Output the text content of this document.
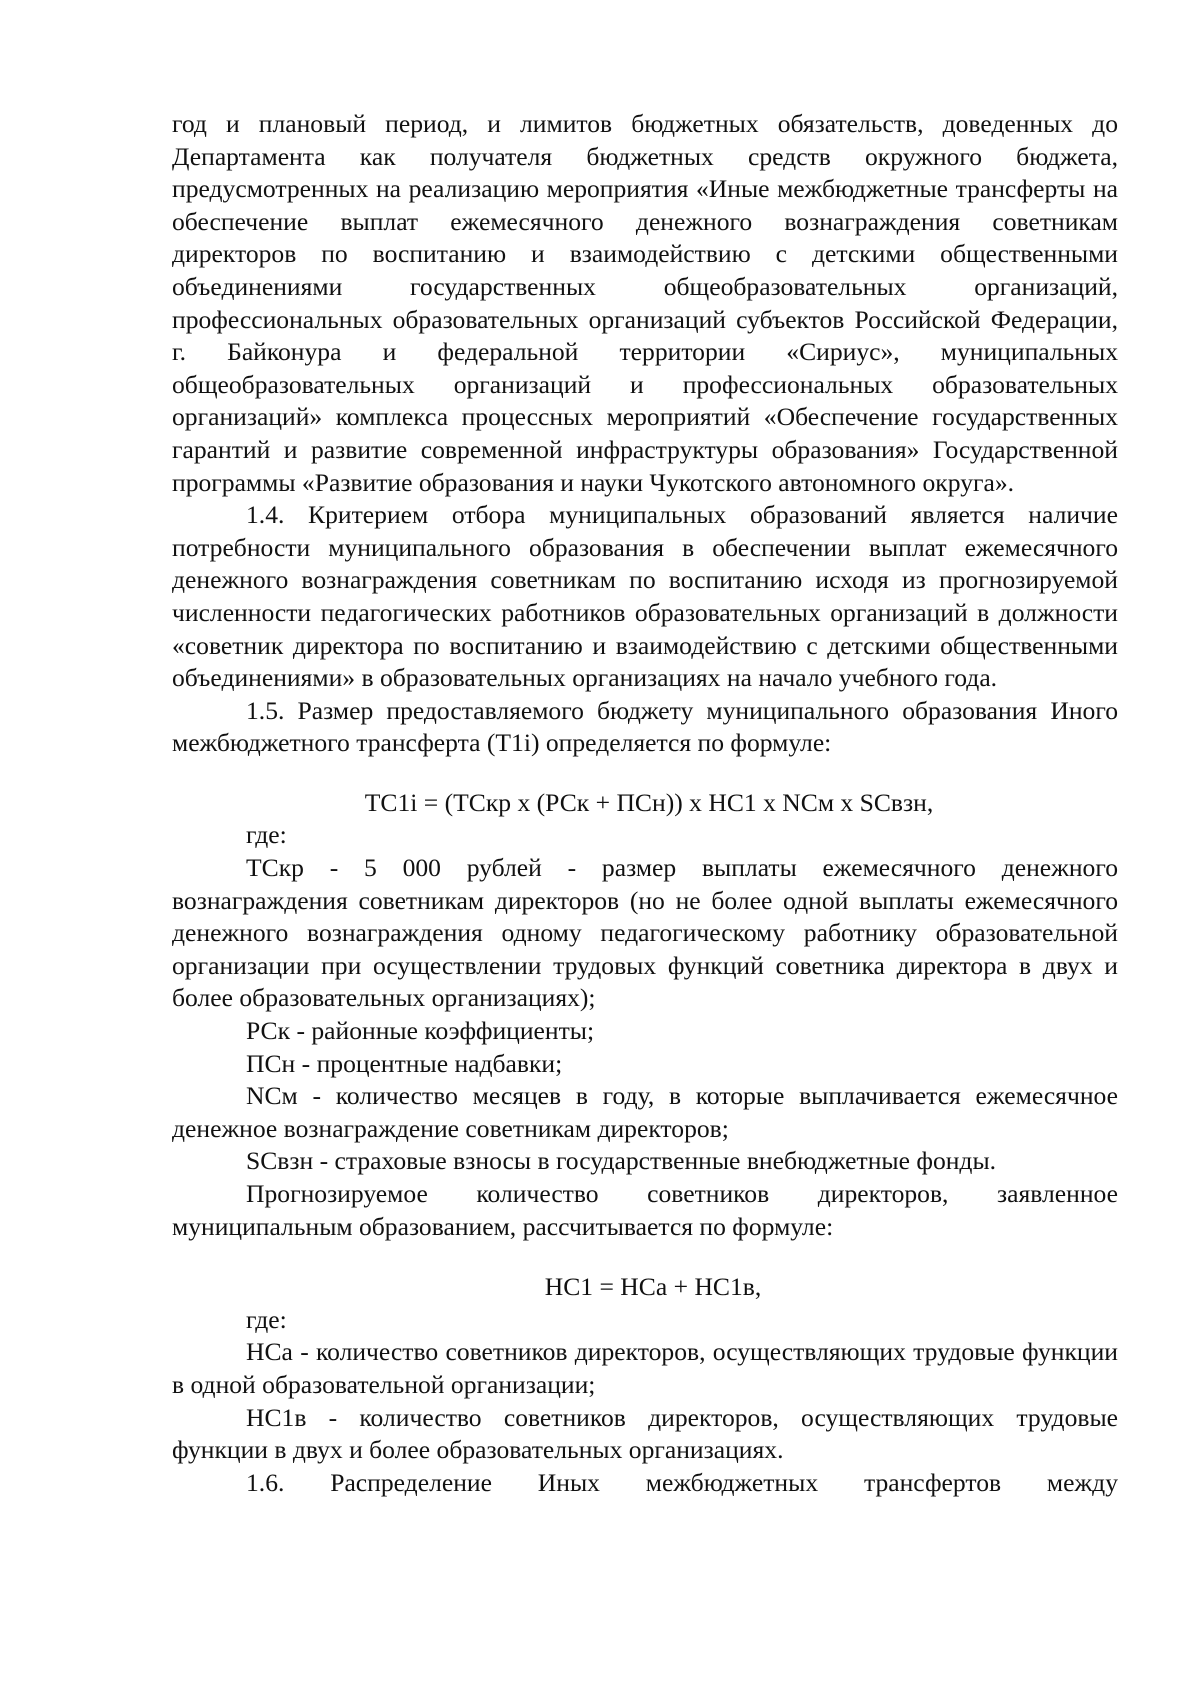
год и плановый период, и лимитов бюджетных обязательств, доведенных до Департамента как получателя бюджетных средств окружного бюджета, предусмотренных на реализацию мероприятия «Иные межбюджетные трансферты на обеспечение выплат ежемесячного денежного вознаграждения советникам директоров по воспитанию и взаимодействию с детскими общественными объединениями государственных общеобразовательных организаций, профессиональных образовательных организаций субъектов Российской Федерации, г. Байконура и федеральной территории «Сириус», муниципальных общеобразовательных организаций и профессиональных образовательных организаций» комплекса процессных мероприятий «Обеспечение государственных гарантий и развитие современной инфраструктуры образования» Государственной программы «Развитие образования и науки Чукотского автономного округа».

1.4. Критерием отбора муниципальных образований является наличие потребности муниципального образования в обеспечении выплат ежемесячного денежного вознаграждения советникам по воспитанию исходя из прогнозируемой численности педагогических работников образовательных организаций в должности «советник директора по воспитанию и взаимодействию с детскими общественными объединениями» в образовательных организациях на начало учебного года.

1.5. Размер предоставляемого бюджету муниципального образования Иного межбюджетного трансферта (Т1i) определяется по формуле:

ТС1i = (ТСкр х (РСк + ПСн)) х НС1 х NСм х SСвзн,

где:

ТСкр - 5 000 рублей - размер выплаты ежемесячного денежного вознаграждения советникам директоров (но не более одной выплаты ежемесячного денежного вознаграждения одному педагогическому работнику образовательной организации при осуществлении трудовых функций советника директора в двух и более образовательных организациях);

РСк - районные коэффициенты;

ПСн - процентные надбавки;

NСм - количество месяцев в году, в которые выплачивается ежемесячное денежное вознаграждение советникам директоров;

SСвзн - страховые взносы в государственные внебюджетные фонды.

Прогнозируемое количество советников директоров, заявленное муниципальным образованием, рассчитывается по формуле:

НС1 = НСа + НС1в,

где:

НСа - количество советников директоров, осуществляющих трудовые функции в одной образовательной организации;

НС1в - количество советников директоров, осуществляющих трудовые функции в двух и более образовательных организациях.

1.6. Распределение Иных межбюджетных трансфертов между
